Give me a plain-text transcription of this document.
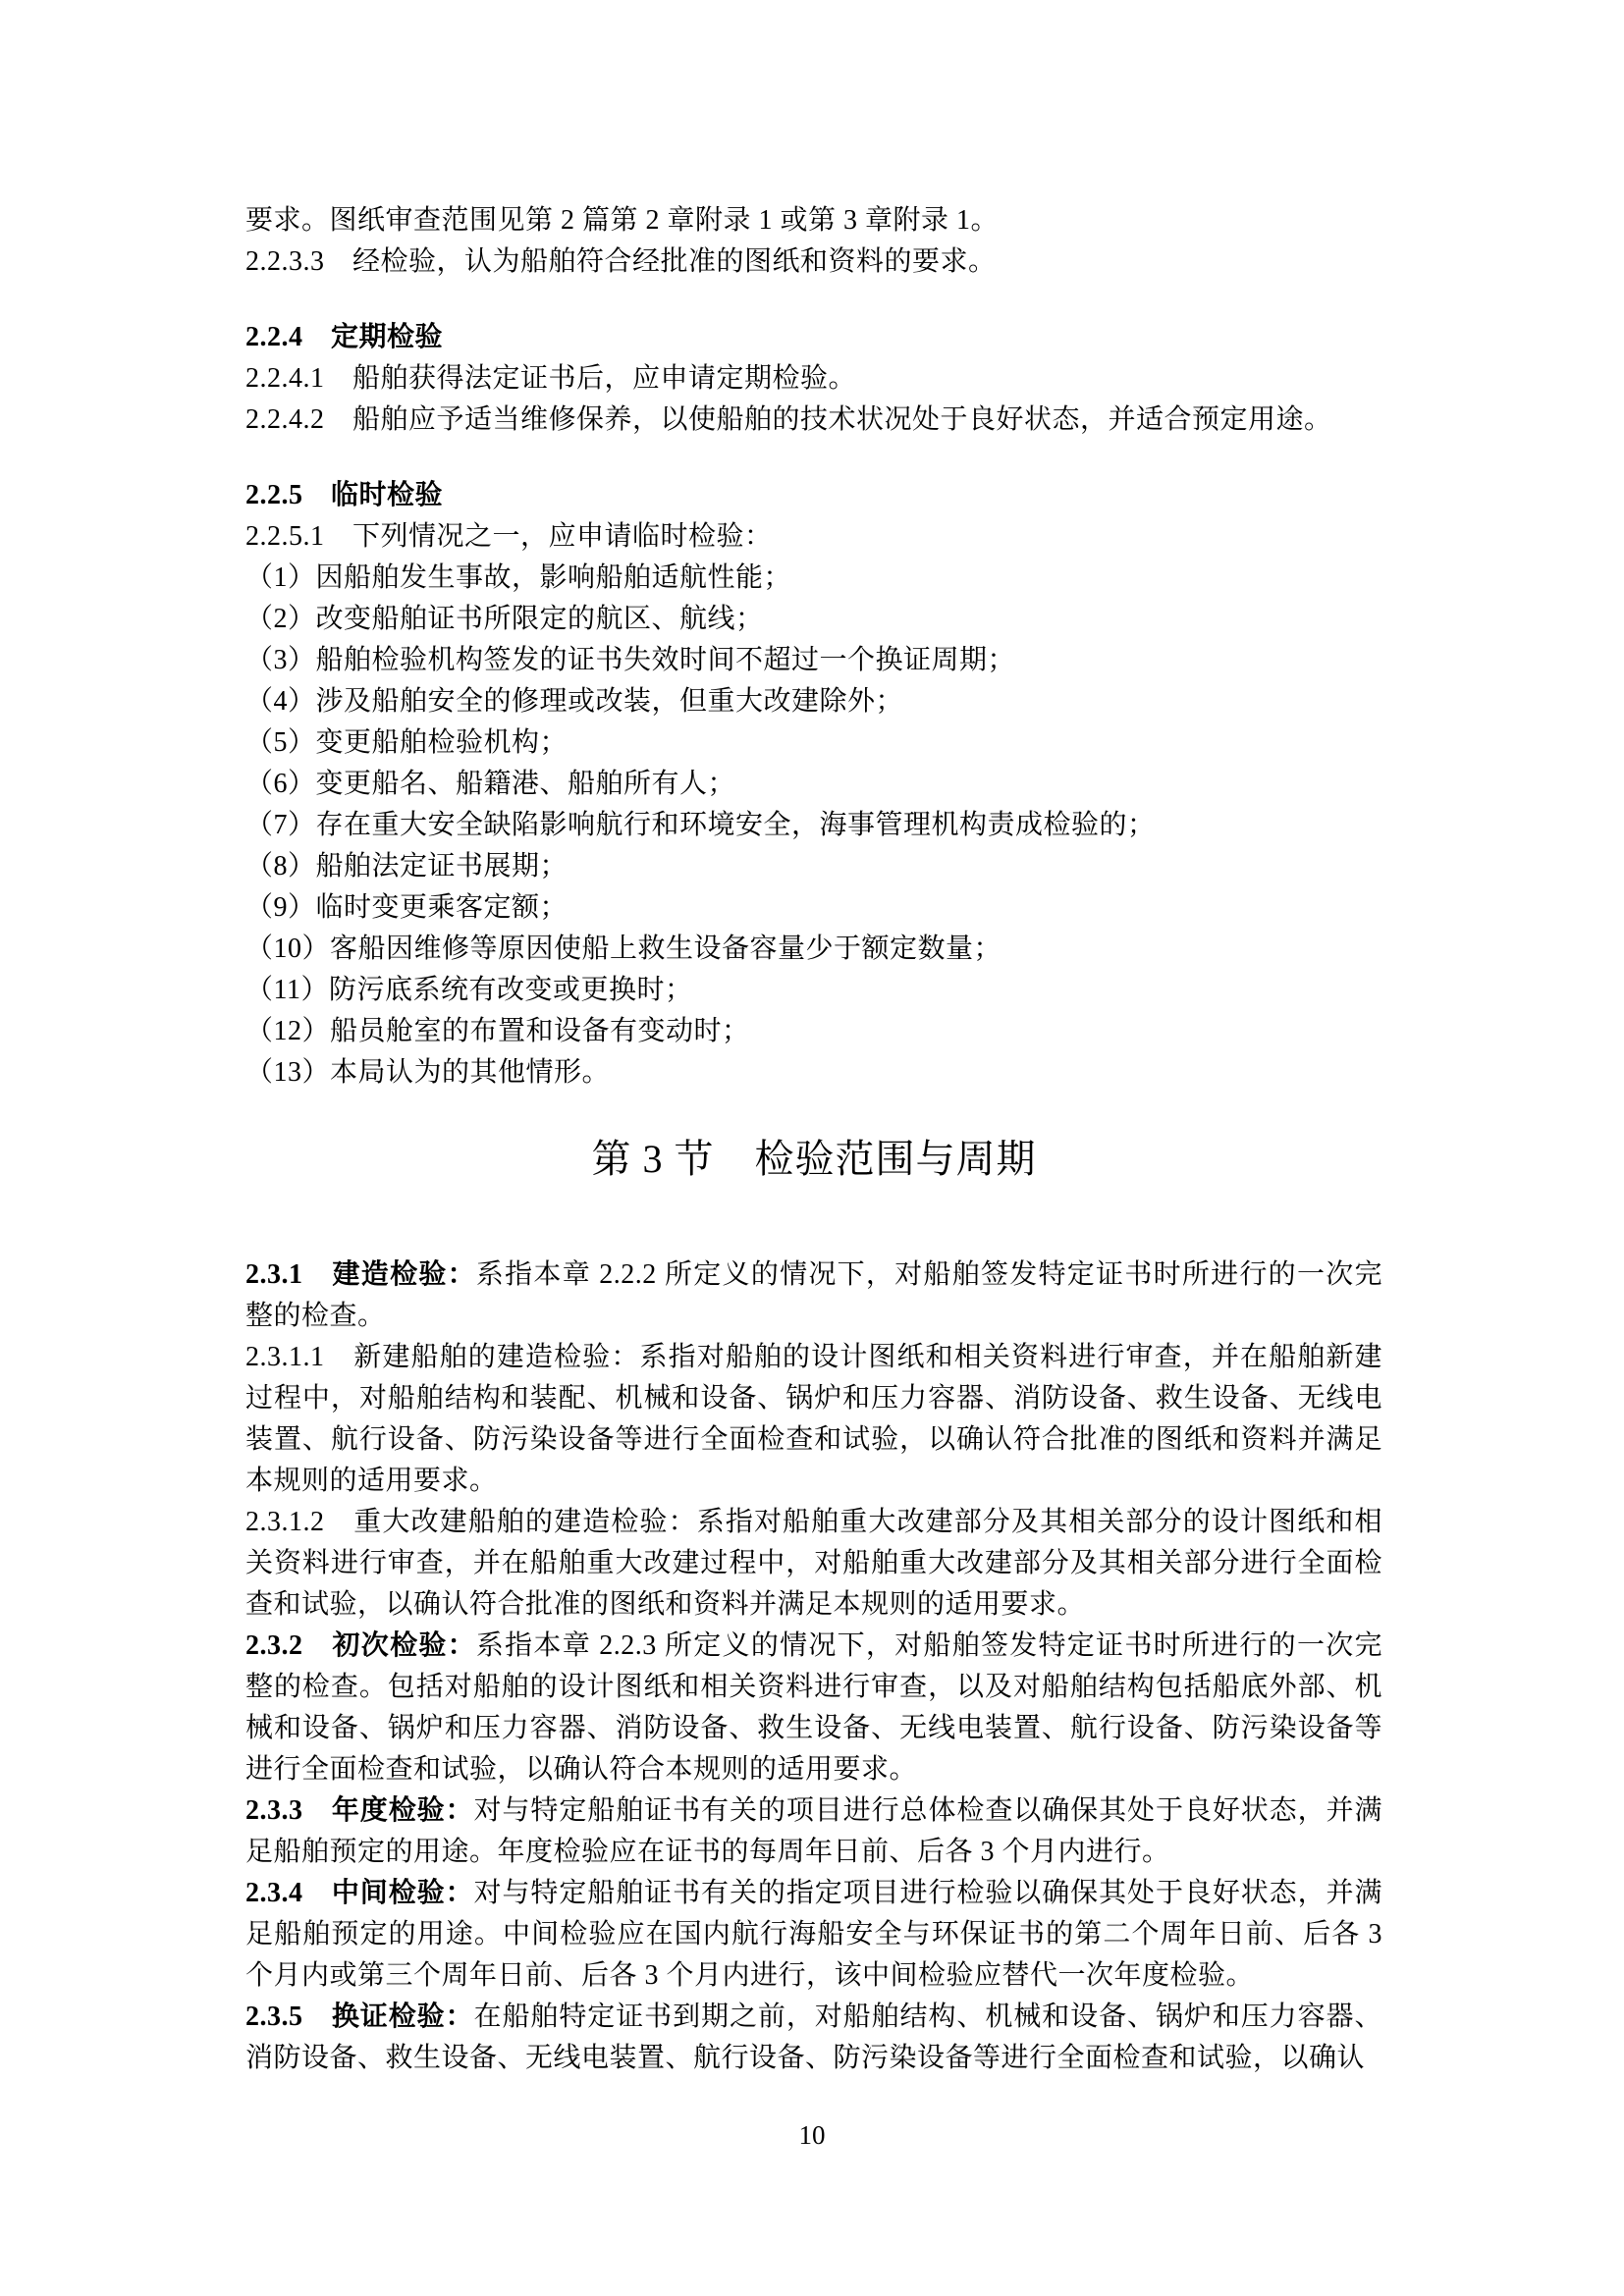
要求。图纸审查范围见第 2 篇第 2 章附录 1 或第 3 章附录 1。

2.2.3.3　经检验，认为船舶符合经批准的图纸和资料的要求。

2.2.4　定期检验

2.2.4.1　船舶获得法定证书后，应申请定期检验。

2.2.4.2　船舶应予适当维修保养，以使船舶的技术状况处于良好状态，并适合预定用途。

2.2.5　临时检验

2.2.5.1　下列情况之一，应申请临时检验：

（1）因船舶发生事故，影响船舶适航性能；

（2）改变船舶证书所限定的航区、航线；

（3）船舶检验机构签发的证书失效时间不超过一个换证周期；

（4）涉及船舶安全的修理或改装，但重大改建除外；

（5）变更船舶检验机构；

（6）变更船名、船籍港、船舶所有人；

（7）存在重大安全缺陷影响航行和环境安全，海事管理机构责成检验的；

（8）船舶法定证书展期；

（9）临时变更乘客定额；

（10）客船因维修等原因使船上救生设备容量少于额定数量；

（11）防污底系统有改变或更换时；

（12）船员舱室的布置和设备有变动时；

（13）本局认为的其他情形。

第 3 节　检验范围与周期

2.3.1　建造检验：系指本章 2.2.2 所定义的情况下，对船舶签发特定证书时所进行的一次完整的检查。

2.3.1.1　新建船舶的建造检验：系指对船舶的设计图纸和相关资料进行审查，并在船舶新建过程中，对船舶结构和装配、机械和设备、锅炉和压力容器、消防设备、救生设备、无线电装置、航行设备、防污染设备等进行全面检查和试验，以确认符合批准的图纸和资料并满足本规则的适用要求。

2.3.1.2　重大改建船舶的建造检验：系指对船舶重大改建部分及其相关部分的设计图纸和相关资料进行审查，并在船舶重大改建过程中，对船舶重大改建部分及其相关部分进行全面检查和试验，以确认符合批准的图纸和资料并满足本规则的适用要求。

2.3.2　初次检验：系指本章 2.2.3 所定义的情况下，对船舶签发特定证书时所进行的一次完整的检查。包括对船舶的设计图纸和相关资料进行审查，以及对船舶结构包括船底外部、机械和设备、锅炉和压力容器、消防设备、救生设备、无线电装置、航行设备、防污染设备等进行全面检查和试验，以确认符合本规则的适用要求。

2.3.3　年度检验：对与特定船舶证书有关的项目进行总体检查以确保其处于良好状态，并满足船舶预定的用途。年度检验应在证书的每周年日前、后各 3 个月内进行。

2.3.4　中间检验：对与特定船舶证书有关的指定项目进行检验以确保其处于良好状态，并满足船舶预定的用途。中间检验应在国内航行海船安全与环保证书的第二个周年日前、后各 3 个月内或第三个周年日前、后各 3 个月内进行，该中间检验应替代一次年度检验。

2.3.5　换证检验：在船舶特定证书到期之前，对船舶结构、机械和设备、锅炉和压力容器、消防设备、救生设备、无线电装置、航行设备、防污染设备等进行全面检查和试验，以确认

10
